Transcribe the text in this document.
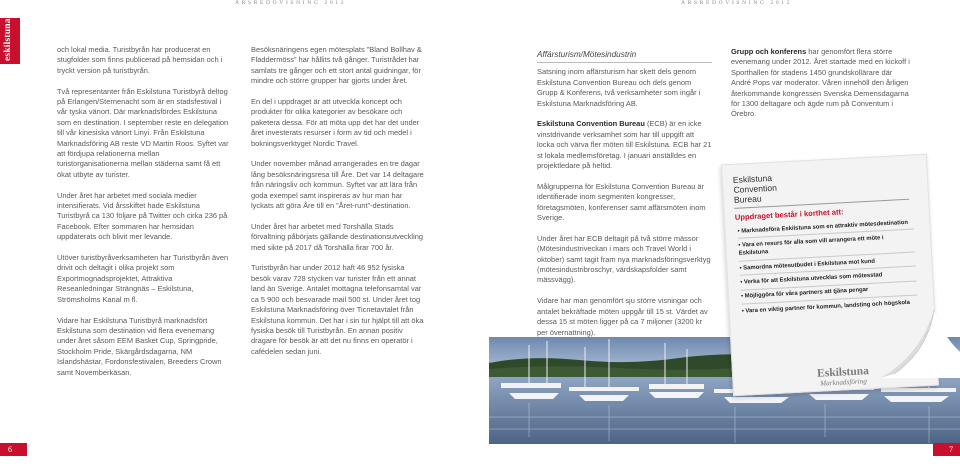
ÅRSREDOVISNING 2012	ÅRSREDOVISNING 2012
eskilstuna.nu	och lokal media. Turistbyrån har producerat en stugfolder som finns publicerad på hemsidan och i tryckt version på turistbyrån.

Två representanter från Eskilstuna Turistbyrå deltog på Erlangen/Sternenacht som är en stadsfestival i vår tyska vänort. Där marknadsfördes Eskilstuna som en destination. I september reste en delegation till vår kinesiska vänort Linyi. Från Eskilstuna Marknadsföring AB reste VD Martin Roos. Syftet var att fördjupa relationerna mellan turistorganisationerna mellan städerna samt få ett ökat utbyte av turister.

Under året har arbetet med sociala medier intensifierats. Vid årsskiftet hade Eskilstuna Turistbyrå ca 130 följare på Twitter och cirka 236 på Facebook. Efter sommaren har hemsidan uppdaterats och blivit mer levande.

Utöver turistbyråverksamheten har Turistbyrån även drivit och deltagit i olika projekt som Exportmognadsprojektet, Attraktiva Reseanledningar Strängnäs – Eskilstuna, Strömsholms Kanal m fl.

Vidare har Eskilstuna Turistbyrå marknadsfört Eskilstuna som destination vid flera evenemang under året såsom EEM Basket Cup, Springpride, Stockholm Pride, Skärgårdsdagarna, NM Islandshästar, Fordonsfestivalen, Breeders Crown samt Novemberkäsan.

Besöksnäringens egen mötesplats ”Bland Bollhav & Fladdermöss” har hållits två gånger. Turistrådet har samlats tre gånger och ett stort antal guidningar, för mindre och större grupper har gjorts under året.

En del i uppdraget är att utveckla koncept och produkter för olika kategorier av besökare och paketera dessa. För att möta upp det har det under året investerats resurser i form av tid och medel i bokningsverktyget Nordic Travel.

Under november månad arrangerades en tre dagar lång besöksnäringsresa till Åre. Det var 14 deltagare från näringsliv och kommun. Syftet var att lära från goda exempel samt inspireras av hur man har lyckats att göra Åre till en ”Året-runt”-destination.

Under året har arbetet med Torshälla Stads förvaltning påbörjats gällande destinationsutveckling med sikte på 2017 då Torshälla firar 700 år.

Turistbyrån har under 2012 haft 46 952 fysiska besök varav 728 stycken var turister från ett annat land än Sverige. Antalet mottagna telefonsamtal var ca 5 900 och besvarade mail 500 st. Under året tog Eskilstuna Marknadsföring över Ticnetavtalet från Eskilstuna kommun. Det har i sin tur hjälpt till att öka fysiska besök till Turistbyrån. En annan positiv dragare för besök är att det nu finns en operatör i cafédelen sedan juni.

Affärsturism/Mötesindustrin

Satsning inom affärsturism har skett dels genom Eskilstuna Convention Bureau och dels genom Grupp & Konferens, två verksamheter som ingår i Eskilstuna Marknadsföring AB.

Eskilstuna Convention Bureau (ECB) är en icke vinstdrivande verksamhet som har till uppgift att locka och värva fler möten till Eskilstuna. ECB har 21 st lokala medlemsföretag. I januari anställdes en projektledare på heltid.

Målgrupperna för Eskilstuna Convention Bureau är identifierade inom segmenten kongresser, företagsmöten, konferenser samt affärsmöten inom Sverige.

Under året har ECB deltagit på två större mässor (Mötesindustriveckan i mars och Travel World i oktober) samt tagit fram nya marknadsföringsverktyg (mötesindustribroschyr, värdskapsfolder samt mässvägg).

Vidare har man genomfört sju större visningar och antalet bekräftade möten uppgår till 15 st. Värdet av dessa 15 st möten ligger på ca 7 miljoner (3200 kr per övernattning).

Grupp och konferens har genomfört flera större evenemang under 2012. Året startade med en kickoff i Sporthallen för stadens 1450 grundskollärare där André Pops var moderator. Våren innehöll den årligen återkommande kongressen Svenska Demensdagarna för 1300 deltagare och ägde rum på Conventum i Örebro.

Eskilstuna
Convention
Bureau
Uppdraget består i korthet att:
• Marknadsföra Eskilstuna som en attraktiv mötesdestination
• Vara en resurs för alla som vill arrangera ett möte i Eskilstuna
• Samordna mötesutbudet i Eskilstuna mot kund
• Verka för att Eskilstuna utvecklas som mötesstad
• Möjliggöra för våra partners att tjäna pengar
• Vara en viktig partner för kommun, landsting och högskola
Eskilstuna
Marknadsföring
6	7
